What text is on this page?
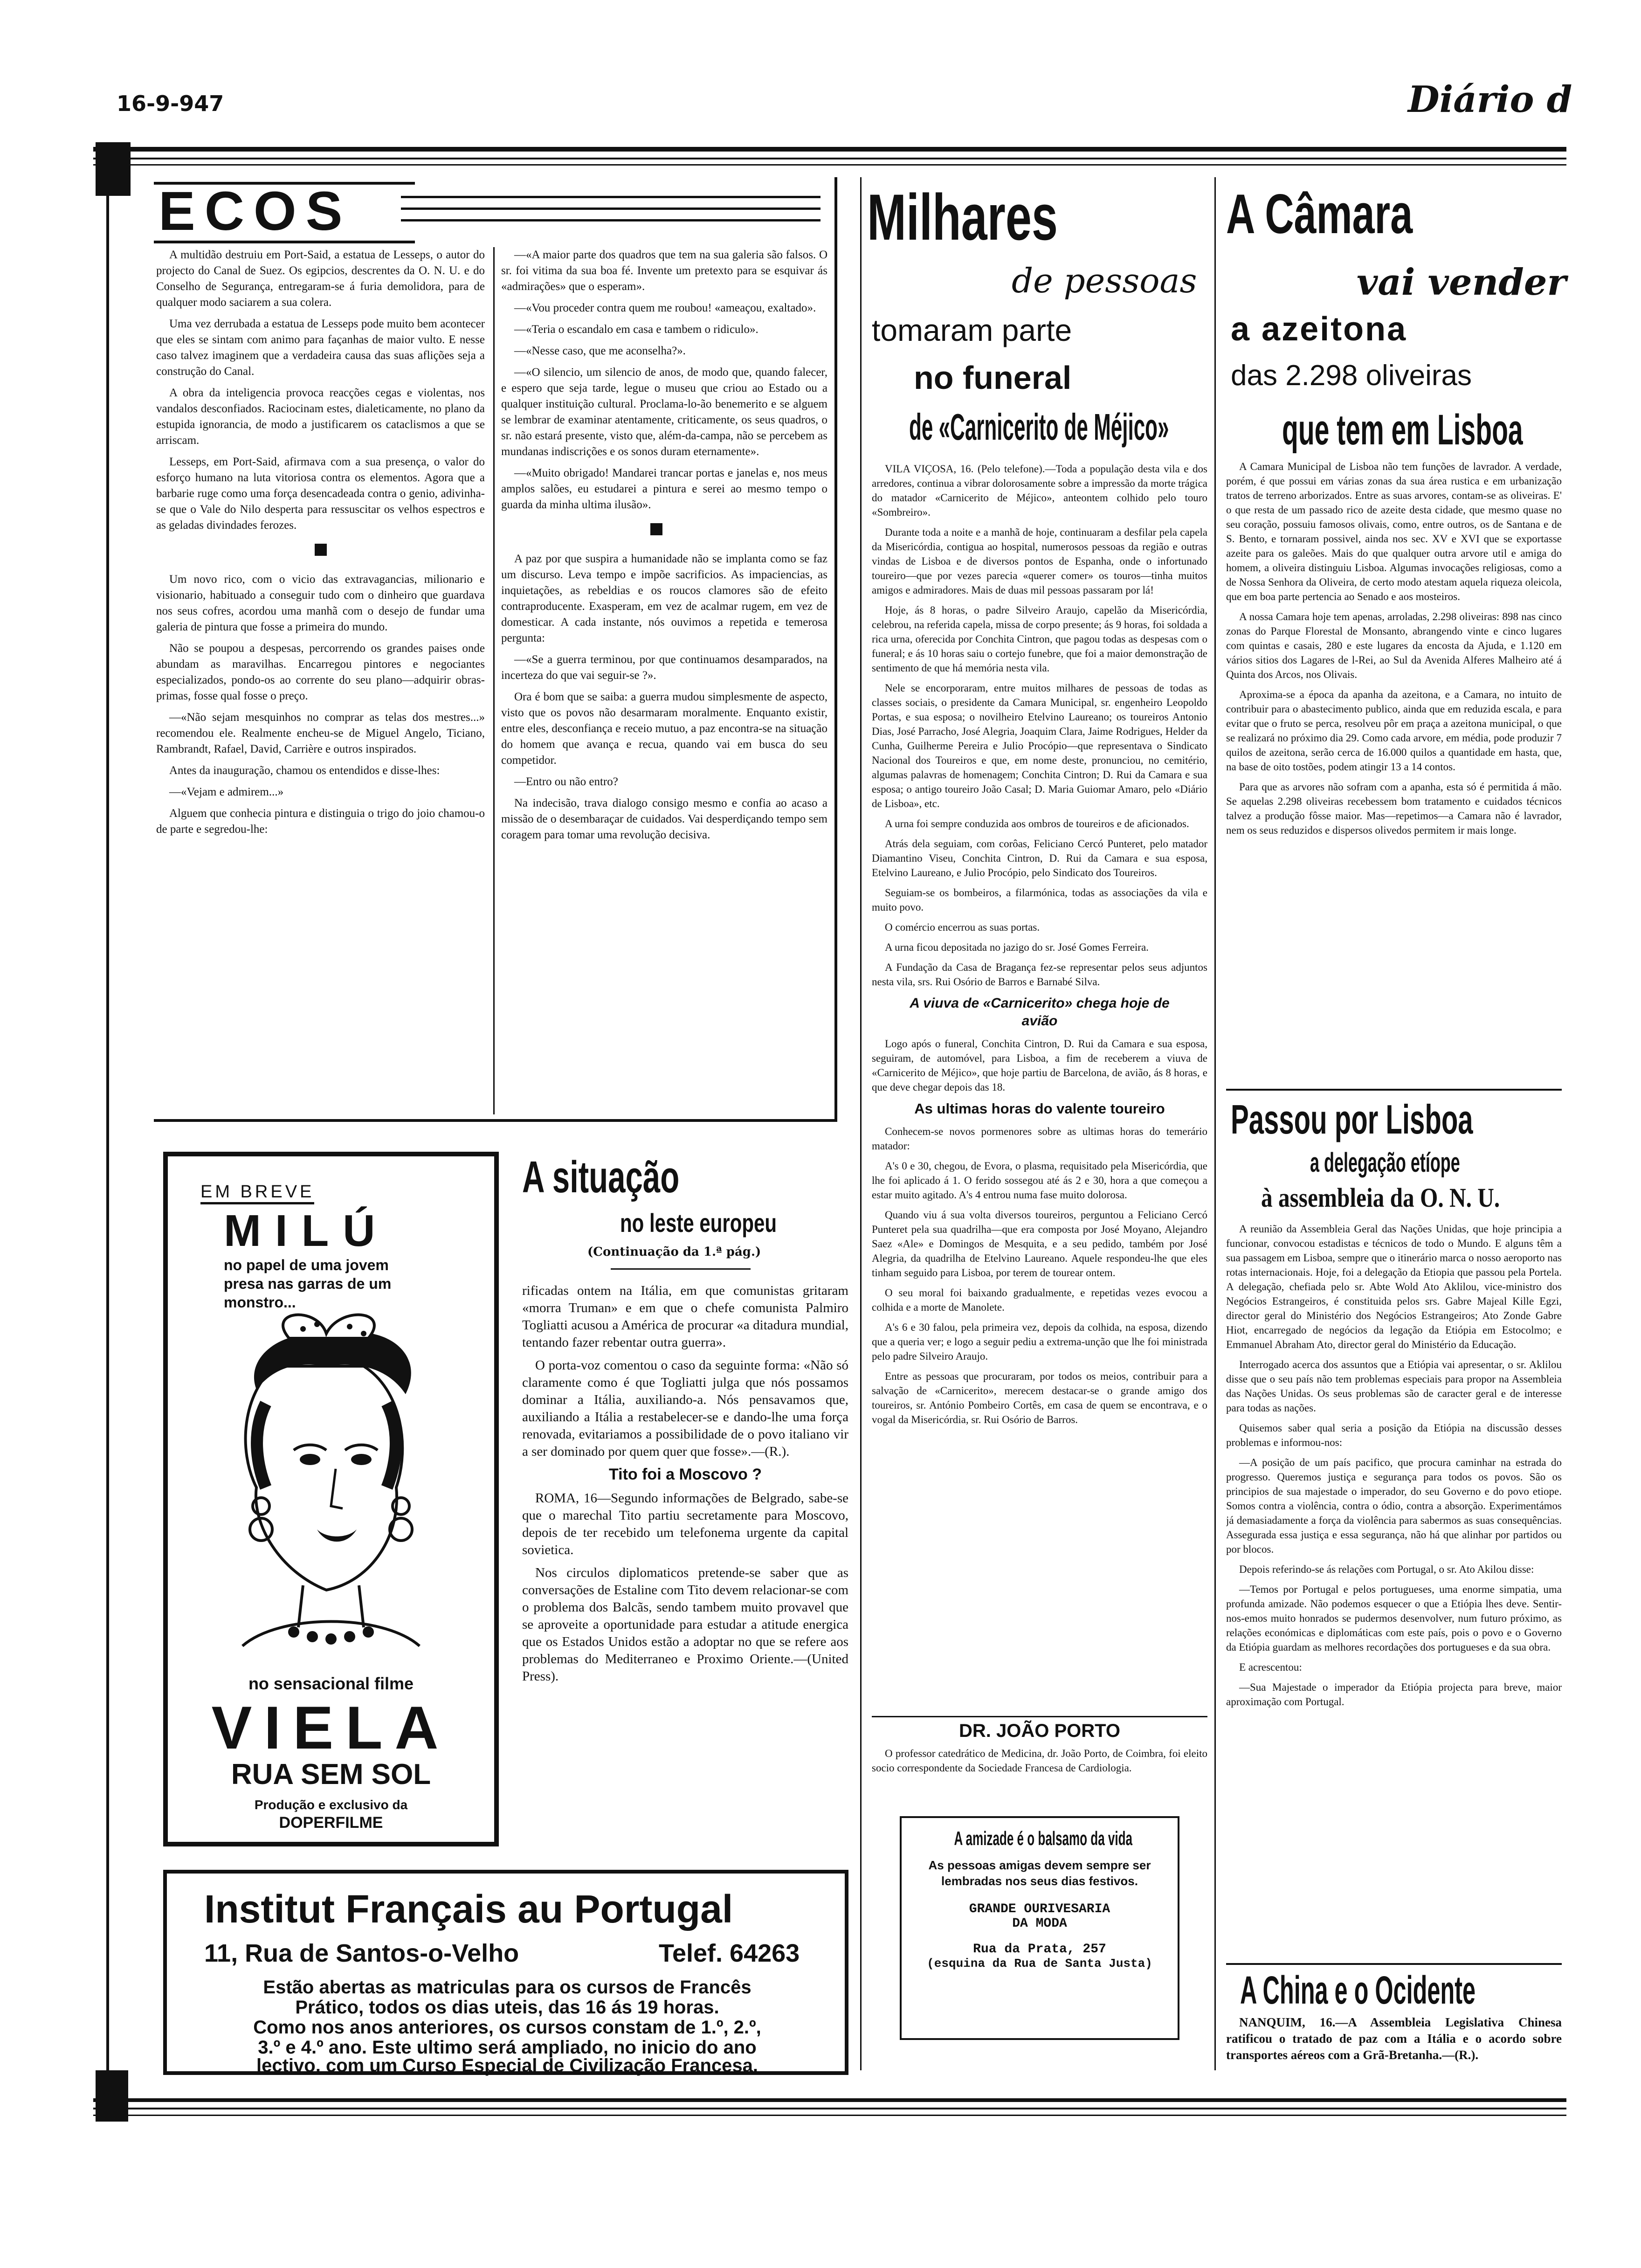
16-9-947	Diário d
ECOS

A multidão destruiu em Port-Said, a estatua de Lesseps, o autor do projecto do Canal de Suez. Os egipcios, descrentes da O. N. U. e do Conselho de Segurança, entregaram-se á furia demolidora, para de qualquer modo saciarem a sua colera.

Uma vez derrubada a estatua de Lesseps pode muito bem acontecer que eles se sintam com animo para façanhas de maior vulto. E nesse caso talvez imaginem que a verdadeira causa das suas aflições seja a construção do Canal.

A obra da inteligencia provoca reacções cegas e violentas, nos vandalos desconfiados. Raciocinam estes, dialeticamente, no plano da estupida ignorancia, de modo a justificarem os cataclismos a que se arriscam.

Lesseps, em Port-Said, afirmava com a sua presença, o valor do esforço humano na luta vitoriosa contra os elementos. Agora que a barbarie ruge como uma força desencadeada contra o genio, adivinha-se que o Vale do Nilo desperta para ressuscitar os velhos espectros e as geladas divindades ferozes.

Um novo rico, com o vicio das extravagancias, milionario e visionario, habituado a conseguir tudo com o dinheiro que guardava nos seus cofres, acordou uma manhã com o desejo de fundar uma galeria de pintura que fosse a primeira do mundo.

Não se poupou a despesas, percorrendo os grandes paises onde abundam as maravilhas. Encarregou pintores e negociantes especializados, pondo-os ao corrente do seu plano—adquirir obras-primas, fosse qual fosse o preço.

—«Não sejam mesquinhos no comprar as telas dos mestres...» recomendou ele. Realmente encheu-se de Miguel Angelo, Ticiano, Rambrandt, Rafael, David, Carrière e outros inspirados.

Antes da inauguração, chamou os entendidos e disse-lhes:

—«Vejam e admirem...»

Alguem que conhecia pintura e distinguia o trigo do joio chamou-o de parte e segredou-lhe:

—«A maior parte dos quadros que tem na sua galeria são falsos. O sr. foi vitima da sua boa fé. Invente um pretexto para se esquivar ás «admirações» que o esperam».

—«Vou proceder contra quem me roubou! «ameaçou, exaltado».

—«Teria o escandalo em casa e tambem o ridiculo».

—«Nesse caso, que me aconselha?».

—«O silencio, um silencio de anos, de modo que, quando falecer, e espero que seja tarde, legue o museu que criou ao Estado ou a qualquer instituição cultural. Proclama-lo-ão benemerito e se alguem se lembrar de examinar atentamente, criticamente, os seus quadros, o sr. não estará presente, visto que, além-da-campa, não se percebem as mundanas indiscrições e os sonos duram eternamente».

—«Muito obrigado! Mandarei trancar portas e janelas e, nos meus amplos salões, eu estudarei a pintura e serei ao mesmo tempo o guarda da minha ultima ilusão».

A paz por que suspira a humanidade não se implanta como se faz um discurso. Leva tempo e impõe sacrificios. As impaciencias, as inquietações, as rebeldias e os roucos clamores são de efeito contraproducente. Exasperam, em vez de acalmar rugem, em vez de domesticar. A cada instante, nós ouvimos a repetida e temerosa pergunta:

—«Se a guerra terminou, por que continuamos desamparados, na incerteza do que vai seguir-se ?».

Ora é bom que se saiba: a guerra mudou simplesmente de aspecto, visto que os povos não desarmaram moralmente. Enquanto existir, entre eles, desconfiança e receio mutuo, a paz encontra-se na situação do homem que avança e recua, quando vai em busca do seu competidor.

—Entro ou não entro?

Na indecisão, trava dialogo consigo mesmo e confia ao acaso a missão de o desembaraçar de cuidados. Vai desperdiçando tempo sem coragem para tomar uma revolução decisiva.

Milhares
de pessoas
tomaram parte
no funeral
de «Carnicerito de Méjico»

VILA VIÇOSA, 16. (Pelo telefone).—Toda a população desta vila e dos arredores, continua a vibrar dolorosamente sobre a impressão da morte trágica do matador «Carnicerito de Méjico», anteontem colhido pelo touro «Sombreiro».

Durante toda a noite e a manhã de hoje, continuaram a desfilar pela capela da Misericórdia, contigua ao hospital, numerosos pessoas da região e outras vindas de Lisboa e de diversos pontos de Espanha, onde o infortunado toureiro—que por vezes parecia «querer comer» os touros—tinha muitos amigos e admiradores. Mais de duas mil pessoas passaram por lá!

Hoje, ás 8 horas, o padre Silveiro Araujo, capelão da Misericórdia, celebrou, na referida capela, missa de corpo presente; ás 9 horas, foi soldada a rica urna, oferecida por Conchita Cintron, que pagou todas as despesas com o funeral; e ás 10 horas saiu o cortejo funebre, que foi a maior demonstração de sentimento de que há memória nesta vila.

Nele se encorporaram, entre muitos milhares de pessoas de todas as classes sociais, o presidente da Camara Municipal, sr. engenheiro Leopoldo Portas, e sua esposa; o novilheiro Etelvino Laureano; os toureiros Antonio Dias, José Parracho, José Alegria, Joaquim Clara, Jaime Rodrigues, Helder da Cunha, Guilherme Pereira e Julio Procópio—que representava o Sindicato Nacional dos Toureiros e que, em nome deste, pronunciou, no cemitério, algumas palavras de homenagem; Conchita Cintron; D. Rui da Camara e sua esposa; o antigo toureiro João Casal; D. Maria Guiomar Amaro, pelo «Diário de Lisboa», etc.

A urna foi sempre conduzida aos ombros de toureiros e de aficionados.

Atrás dela seguiam, com corôas, Feliciano Cercó Punteret, pelo matador Diamantino Viseu, Conchita Cintron, D. Rui da Camara e sua esposa, Etelvino Laureano, e Julio Procópio, pelo Sindicato dos Toureiros.

Seguiam-se os bombeiros, a filarmónica, todas as associações da vila e muito povo.

O comércio encerrou as suas portas.

A urna ficou depositada no jazigo do sr. José Gomes Ferreira.

A Fundação da Casa de Bragança fez-se representar pelos seus adjuntos nesta vila, srs. Rui Osório de Barros e Barnabé Silva.

A viuva de «Carnicerito» chega hoje de avião

Logo após o funeral, Conchita Cintron, D. Rui da Camara e sua esposa, seguiram, de automóvel, para Lisboa, a fim de receberem a viuva de «Carnicerito de Méjico», que hoje partiu de Barcelona, de avião, ás 8 horas, e que deve chegar depois das 18.

As ultimas horas do valente toureiro

Conhecem-se novos pormenores sobre as ultimas horas do temerário matador:

A's 0 e 30, chegou, de Evora, o plasma, requisitado pela Misericórdia, que lhe foi aplicado á 1. O ferido sossegou até ás 2 e 30, hora a que começou a estar muito agitado. A's 4 entrou numa fase muito dolorosa.

Quando viu á sua volta diversos toureiros, perguntou a Feliciano Cercó Punteret pela sua quadrilha—que era composta por José Moyano, Alejandro Saez «Ale» e Domingos de Mesquita, e a seu pedido, também por José Alegria, da quadrilha de Etelvino Laureano. Aquele respondeu-lhe que eles tinham seguido para Lisboa, por terem de tourear ontem.

O seu moral foi baixando gradualmente, e repetidas vezes evocou a colhida e a morte de Manolete.

A's 6 e 30 falou, pela primeira vez, depois da colhida, na esposa, dizendo que a queria ver; e logo a seguir pediu a extrema-unção que lhe foi ministrada pelo padre Silveiro Araujo.

Entre as pessoas que procuraram, por todos os meios, contribuir para a salvação de «Carnicerito», merecem destacar-se o grande amigo dos toureiros, sr. António Pombeiro Cortês, em casa de quem se encontrava, e o vogal da Misericórdia, sr. Rui Osório de Barros.

DR. JOÃO PORTO

O professor catedrático de Medicina, dr. João Porto, de Coimbra, foi eleito socio correspondente da Sociedade Francesa de Cardiologia.

A amizade é o balsamo da vida
As pessoas amigas devem sempre ser lembradas nos seus dias festivos.
GRANDE OURIVESARIA
DA MODA
Rua da Prata, 257
(esquina da Rua de Santa Justa)
A Câmara
vai vender
a azeitona
das 2.298 oliveiras
que tem em Lisboa

A Camara Municipal de Lisboa não tem funções de lavrador. A verdade, porém, é que possui em várias zonas da sua área rustica e em urbanização tratos de terreno arborizados. Entre as suas arvores, contam-se as oliveiras. E' o que resta de um passado rico de azeite desta cidade, que mesmo quase no seu coração, possuiu famosos olivais, como, entre outros, os de Santana e de S. Bento, e tornaram possivel, ainda nos sec. XV e XVI que se exportasse azeite para os galeões. Mais do que qualquer outra arvore util e amiga do homem, a oliveira distinguiu Lisboa. Algumas invocações religiosas, como a de Nossa Senhora da Oliveira, de certo modo atestam aquela riqueza oleicola, que em boa parte pertencia ao Senado e aos mosteiros.

A nossa Camara hoje tem apenas, arroladas, 2.298 oliveiras: 898 nas cinco zonas do Parque Florestal de Monsanto, abrangendo vinte e cinco lugares com quintas e casais, 280 e este lugares da encosta da Ajuda, e 1.120 em vários sitios dos Lagares de l-Rei, ao Sul da Avenida Alferes Malheiro até á Quinta dos Arcos, nos Olivais.

Aproxima-se a época da apanha da azeitona, e a Camara, no intuito de contribuir para o abastecimento publico, ainda que em reduzida escala, e para evitar que o fruto se perca, resolveu pôr em praça a azeitona municipal, o que se realizará no próximo dia 29. Como cada arvore, em média, pode produzir 7 quilos de azeitona, serão cerca de 16.000 quilos a quantidade em hasta, que, na base de oito tostões, podem atingir 13 a 14 contos.

Para que as arvores não sofram com a apanha, esta só é permitida á mão. Se aquelas 2.298 oliveiras recebessem bom tratamento e cuidados técnicos talvez a produção fôsse maior. Mas—repetimos—a Camara não é lavrador, nem os seus reduzidos e dispersos olivedos permitem ir mais longe.

Passou por Lisboa
a delegação etíope
à assembleia da O. N. U.

A reunião da Assembleia Geral das Nações Unidas, que hoje principia a funcionar, convocou estadistas e técnicos de todo o Mundo. E alguns têm a sua passagem em Lisboa, sempre que o itinerário marca o nosso aeroporto nas rotas internacionais. Hoje, foi a delegação da Etiopia que passou pela Portela. A delegação, chefiada pelo sr. Abte Wold Ato Aklilou, vice-ministro dos Negócios Estrangeiros, é constituida pelos srs. Gabre Majeal Kille Egzi, director geral do Ministério dos Negócios Estrangeiros; Ato Zonde Gabre Hiot, encarregado de negócios da legação da Etiópia em Estocolmo; e Emmanuel Abraham Ato, director geral do Ministério da Educação.

Interrogado acerca dos assuntos que a Etiópia vai apresentar, o sr. Aklilou disse que o seu país não tem problemas especiais para propor na Assembleia das Nações Unidas. Os seus problemas são de caracter geral e de interesse para todas as nações.

Quisemos saber qual seria a posição da Etiópia na discussão desses problemas e informou-nos:

—A posição de um país pacifico, que procura caminhar na estrada do progresso. Queremos justiça e segurança para todos os povos. São os principios de sua majestade o imperador, do seu Governo e do povo etiope. Somos contra a violência, contra o ódio, contra a absorção. Experimentámos já demasiadamente a força da violência para sabermos as suas consequências. Assegurada essa justiça e essa segurança, não há que alinhar por partidos ou por blocos.

Depois referindo-se ás relações com Portugal, o sr. Ato Akilou disse:

—Temos por Portugal e pelos portugueses, uma enorme simpatia, uma profunda amizade. Não podemos esquecer o que a Etiópia lhes deve. Sentir-nos-emos muito honrados se pudermos desenvolver, num futuro próximo, as relações económicas e diplomáticas com este país, pois o povo e o Governo da Etiópia guardam as melhores recordações dos portugueses e da sua obra.

E acrescentou:

—Sua Majestade o imperador da Etiópia projecta para breve, maior aproximação com Portugal.

A China e o Ocidente

NANQUIM, 16.—A Assembleia Legislativa Chinesa ratificou o tratado de paz com a Itália e o acordo sobre transportes aéreos com a Grã-Bretanha.—(R.).

EM BREVE
MILÚ
no papel de uma jovem
presa nas garras de um
monstro...
no sensacional filme
VIELA
RUA SEM SOL
Produção e exclusivo da
DOPERFILME
A situação
no leste europeu
(Continuação da 1.ª pág.)

rificadas ontem na Itália, em que comunistas gritaram «morra Truman» e em que o chefe comunista Palmiro Togliatti acusou a América de procurar «a ditadura mundial, tentando fazer rebentar outra guerra».

O porta-voz comentou o caso da seguinte forma: «Não só claramente como é que Togliatti julga que nós possamos dominar a Itália, auxiliando-a. Nós pensavamos que, auxiliando a Itália a restabelecer-se e dando-lhe uma força renovada, evitariamos a possibilidade de o povo italiano vir a ser dominado por quem quer que fosse».—(R.).

Tito foi a Moscovo ?

ROMA, 16—Segundo informações de Belgrado, sabe-se que o marechal Tito partiu secretamente para Moscovo, depois de ter recebido um telefonema urgente da capital sovietica.

Nos circulos diplomaticos pretende-se saber que as conversações de Estaline com Tito devem relacionar-se com o problema dos Balcãs, sendo tambem muito provavel que se aproveite a oportunidade para estudar a atitude energica que os Estados Unidos estão a adoptar no que se refere aos problemas do Mediterraneo e Proximo Oriente.—(United Press).

Institut Français au Portugal
11, Rua de Santos-o-Velho	Telef. 64263
Estão abertas as matriculas para os cursos de Francês
Prático, todos os dias uteis, das 16 ás 19 horas.
Como nos anos anteriores, os cursos constam de 1.º, 2.º,
3.º e 4.º ano. Este ultimo será ampliado, no inicio do ano
lectivo, com um Curso Especial de Civilização Francesa.
